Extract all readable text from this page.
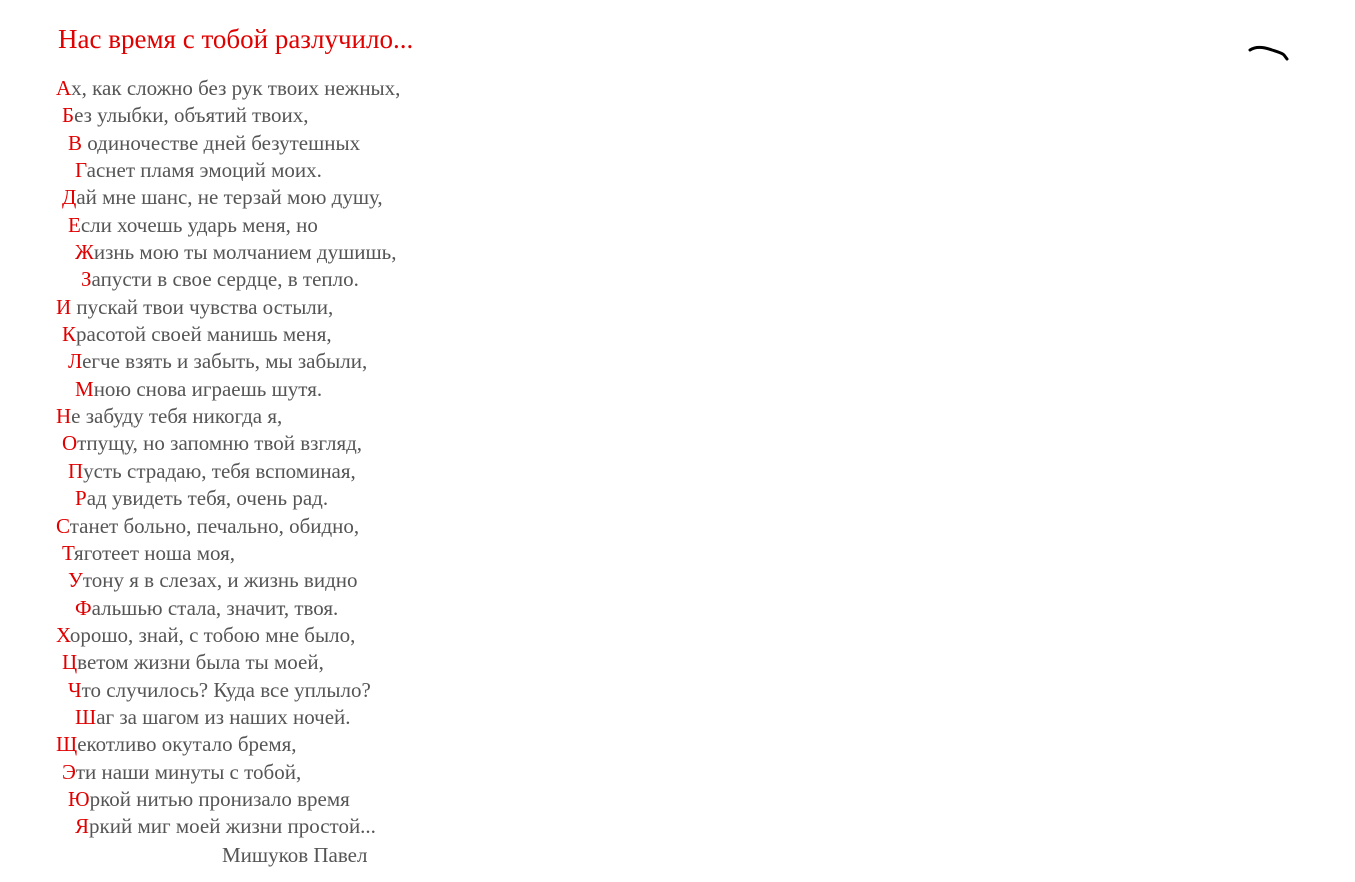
Нас время с тобой разлучило...
Ах, как сложно без рук твоих нежных,
Без улыбки, объятий твоих,
В одиночестве дней безутешных
Гаснет пламя эмоций моих.
Дай мне шанс, не терзай мою душу,
Если хочешь ударь меня, но
Жизнь мою ты молчанием душишь,
Запусти в свое сердце, в тепло.
И пускай твои чувства остыли,
Красотой своей манишь меня,
Легче взять и забыть, мы забыли,
Мною снова играешь шутя.
Не забуду тебя никогда я,
Отпущу, но запомню твой взгляд,
Пусть страдаю, тебя вспоминая,
Рад увидеть тебя, очень рад.
Станет больно, печально, обидно,
Тяготеет ноша моя,
Утону я в слезах, и жизнь видно
Фальшью стала, значит, твоя.
Хорошо, знай, с тобою мне было,
Цветом жизни была ты моей,
Что случилось? Куда все уплыло?
Шаг за шагом из наших ночей.
Щекотливо окутало бремя,
Эти наши минуты с тобой,
Юркой нитью пронизало время
Яркий миг моей жизни простой...
Мишуков Павел
